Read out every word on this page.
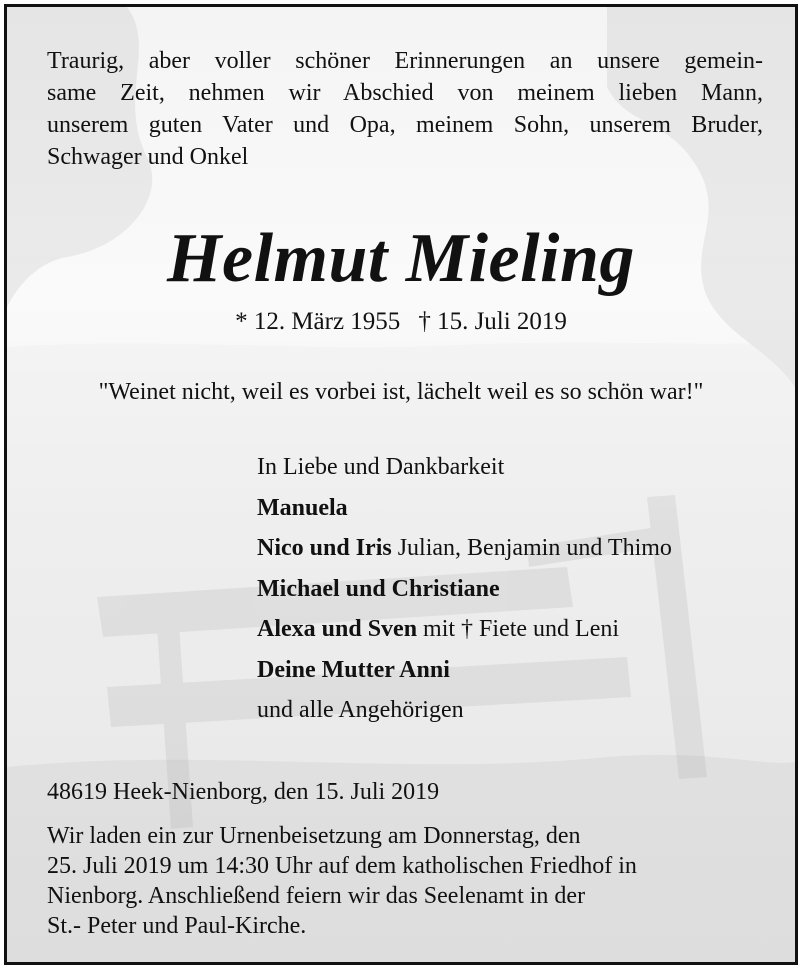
Traurig, aber voller schöner Erinnerungen an unsere gemein-
same Zeit, nehmen wir Abschied von meinem lieben Mann,
unserem guten Vater und Opa, meinem Sohn, unserem Bruder,
Schwager und Onkel
Helmut Mieling
* 12. März 1955 † 15. Juli 2019
"Weinet nicht, weil es vorbei ist, lächelt weil es so schön war!"
In Liebe und Dankbarkeit
Manuela
Nico und Iris Julian, Benjamin und Thimo
Michael und Christiane
Alexa und Sven mit † Fiete und Leni
Deine Mutter Anni
und alle Angehörigen
48619 Heek-Nienborg, den 15. Juli 2019
Wir laden ein zur Urnenbeisetzung am Donnerstag, den
25. Juli 2019 um 14:30 Uhr auf dem katholischen Friedhof in
Nienborg. Anschließend feiern wir das Seelenamt in der
St.- Peter und Paul-Kirche.
